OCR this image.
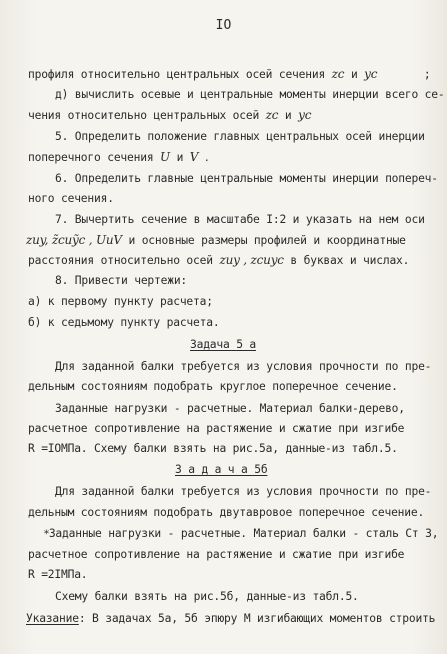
IO
профиля относительно центральных осей сечения zc и yc	;
д) вычислить осевые и центральные моменты инерции всего се-
чения относительно центральных осей zc и yc
5. Определить положение главных центральных осей инерции
поперечного сечения U и V .
6. Определить главные центральные моменты инерции попереч-
ного сечения.
7. Вычертить сечение в масштабе I:2 и указать на нем оси
zuy, z̃cuỹc , UuV и основные размеры профилей и координатные
расстояния относительно осей zuy , zcuyc в буквах и числах.
8. Привести чертежи:
а) к первому пункту расчета;
б) к седьмому пункту расчета.
Задача 5 а
Для заданной балки требуется из условия прочности по пре-
дельным состояниям подобрать круглое поперечное сечение.
Заданные нагрузки - расчетные. Материал балки-дерево,
расчетное сопротивление на растяжение и сжатие при изгибе
R =IOМПа. Схему балки взять на рис.5а, данные-из табл.5.
З а д а ч а 5б
Для заданной балки требуется из условия прочности по пре-
дельным состояниям подобрать двутавровое поперечное сечение.
*Заданные нагрузки - расчетные. Материал балки - сталь Ст 3,
расчетное сопротивление на растяжение и сжатие при изгибе
R =2IМПа.
Схему балки взять на рис.5б, данные-из табл.5.
Указание: В задачах 5а, 5б эпюру М изгибающих моментов строить
